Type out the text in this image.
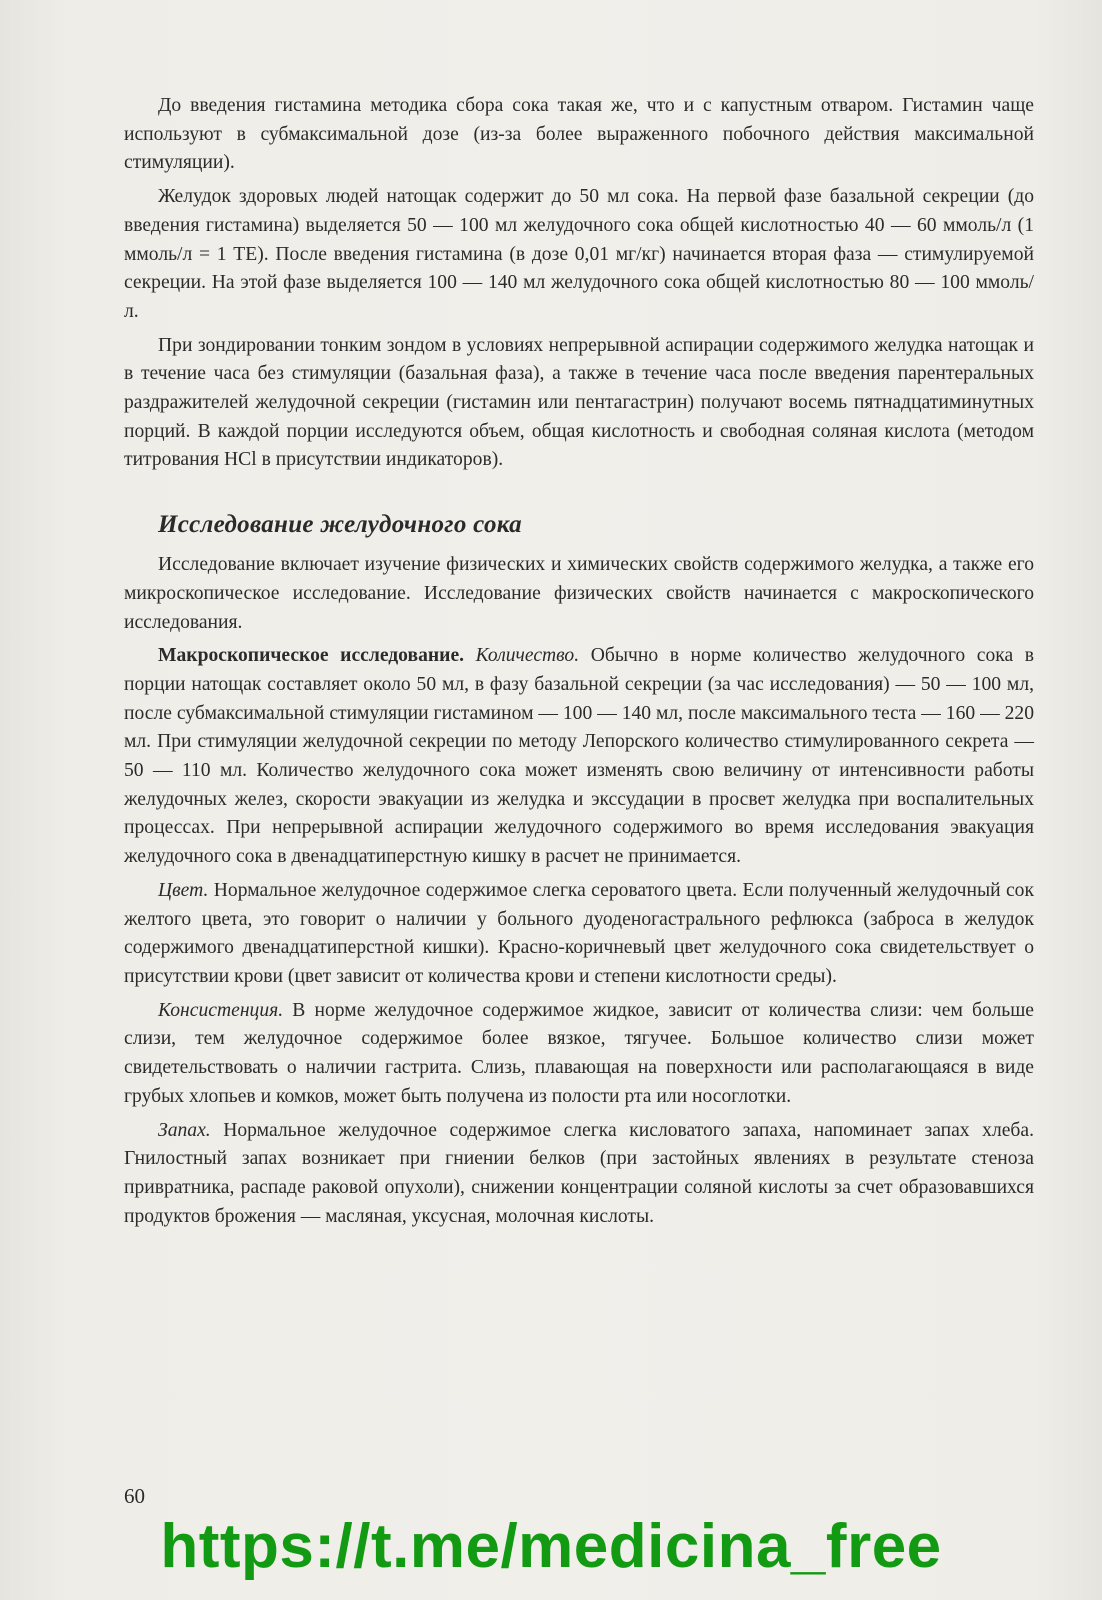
До введения гистамина методика сбора сока такая же, что и с капустным отваром. Гистамин чаще используют в субмаксимальной дозе (из-за более выраженного побочного действия максимальной стимуляции).

Желудок здоровых людей натощак содержит до 50 мл сока. На первой фазе базальной секреции (до введения гистамина) выделяется 50 — 100 мл желудочного сока общей кислотностью 40 — 60 ммоль/л (1 ммоль/л = 1 ТЕ). После введения гистамина (в дозе 0,01 мг/кг) начинается вторая фаза — стимулируемой секреции. На этой фазе выделяется 100 — 140 мл желудочного сока общей кислотностью 80 — 100 ммоль/л.

При зондировании тонким зондом в условиях непрерывной аспирации содержимого желудка натощак и в течение часа без стимуляции (базальная фаза), а также в течение часа после введения парентеральных раздражителей желудочной секреции (гистамин или пентагастрин) получают восемь пятнадцатиминутных порций. В каждой порции исследуются объем, общая кислотность и свободная соляная кислота (методом титрования HCl в присутствии индикаторов).

Исследование желудочного сока

Исследование включает изучение физических и химических свойств содержимого желудка, а также его микроскопическое исследование. Исследование физических свойств начинается с макроскопического исследования.

Макроскопическое исследование. Количество. Обычно в норме количество желудочного сока в порции натощак составляет около 50 мл, в фазу базальной секреции (за час исследования) — 50 — 100 мл, после субмаксимальной стимуляции гистамином — 100 — 140 мл, после максимального теста — 160 — 220 мл. При стимуляции желудочной секреции по методу Лепорского количество стимулированного секрета — 50 — 110 мл. Количество желудочного сока может изменять свою величину от интенсивности работы желудочных желез, скорости эвакуации из желудка и экссудации в просвет желудка при воспалительных процессах. При непрерывной аспирации желудочного содержимого во время исследования эвакуация желудочного сока в двенадцатиперстную кишку в расчет не принимается.

Цвет. Нормальное желудочное содержимое слегка сероватого цвета. Если полученный желудочный сок желтого цвета, это говорит о наличии у больного дуоденогастрального рефлюкса (заброса в желудок содержимого двенадцатиперстной кишки). Красно-коричневый цвет желудочного сока свидетельствует о присутствии крови (цвет зависит от количества крови и степени кислотности среды).

Консистенция. В норме желудочное содержимое жидкое, зависит от количества слизи: чем больше слизи, тем желудочное содержимое более вязкое, тягучее. Большое количество слизи может свидетельствовать о наличии гастрита. Слизь, плавающая на поверхности или располагающаяся в виде грубых хлопьев и комков, может быть получена из полости рта или носоглотки.

Запах. Нормальное желудочное содержимое слегка кисловатого запаха, напоминает запах хлеба. Гнилостный запах возникает при гниении белков (при застойных явлениях в результате стеноза привратника, распаде раковой опухоли), снижении концентрации соляной кислоты за счет образовавшихся продуктов брожения — масляная, уксусная, молочная кислоты.

60
https://t.me/medicina_free
